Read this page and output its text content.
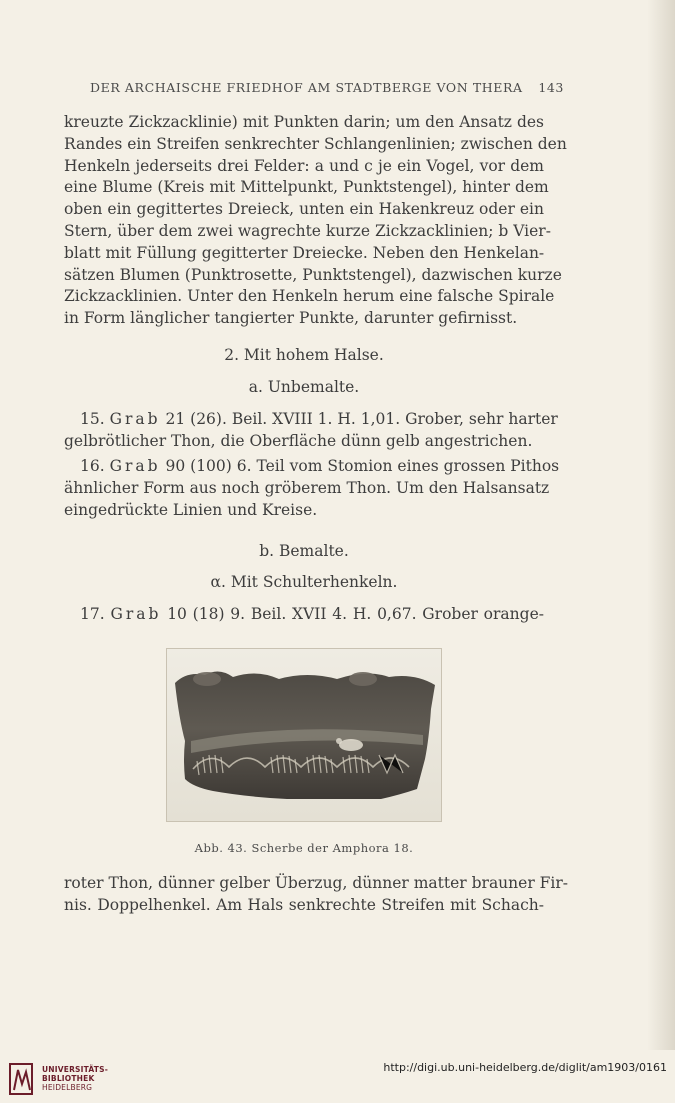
DER ARCHAISCHE FRIEDHOF AM STADTBERGE VON THERA 143
kreuzte Zickzacklinie) mit Punkten darin; um den Ansatz des
Randes ein Streifen senkrechter Schlangenlinien; zwischen den
Henkeln jederseits drei Felder: a und c je ein Vogel, vor dem
eine Blume (Kreis mit Mittelpunkt, Punktstengel), hinter dem
oben ein gegittertes Dreieck, unten ein Hakenkreuz oder ein
Stern, über dem zwei wagrechte kurze Zickzacklinien; b Vier-
blatt mit Füllung gegitterter Dreiecke. Neben den Henkelan-
sätzen Blumen (Punktrosette, Punktstengel), dazwischen kurze
Zickzacklinien. Unter den Henkeln herum eine falsche Spirale
in Form länglicher tangierter Punkte, darunter gefirnisst.
2. Mit hohem Halse.
a. Unbemalte.
15. Grab 21 (26). Beil. XVIII 1. H. 1,01. Grober, sehr harter
gelbrötlicher Thon, die Oberfläche dünn gelb angestrichen.
16. Grab 90 (100) 6. Teil vom Stomion eines grossen Pithos
ähnlicher Form aus noch gröberem Thon. Um den Halsansatz
eingedrückte Linien und Kreise.
b. Bemalte.
α. Mit Schulterhenkeln.
17. Grab 10 (18) 9. Beil. XVII 4. H. 0,67. Grober orange-
Abb. 43. Scherbe der Amphora 18.
roter Thon, dünner gelber Überzug, dünner matter brauner Fir-
nis. Doppelhenkel. Am Hals senkrechte Streifen mit Schach-
UNIVERSITÄTS-
BIBLIOTHEK
HEIDELBERG
http://digi.ub.uni-heidelberg.de/diglit/am1903/0161
